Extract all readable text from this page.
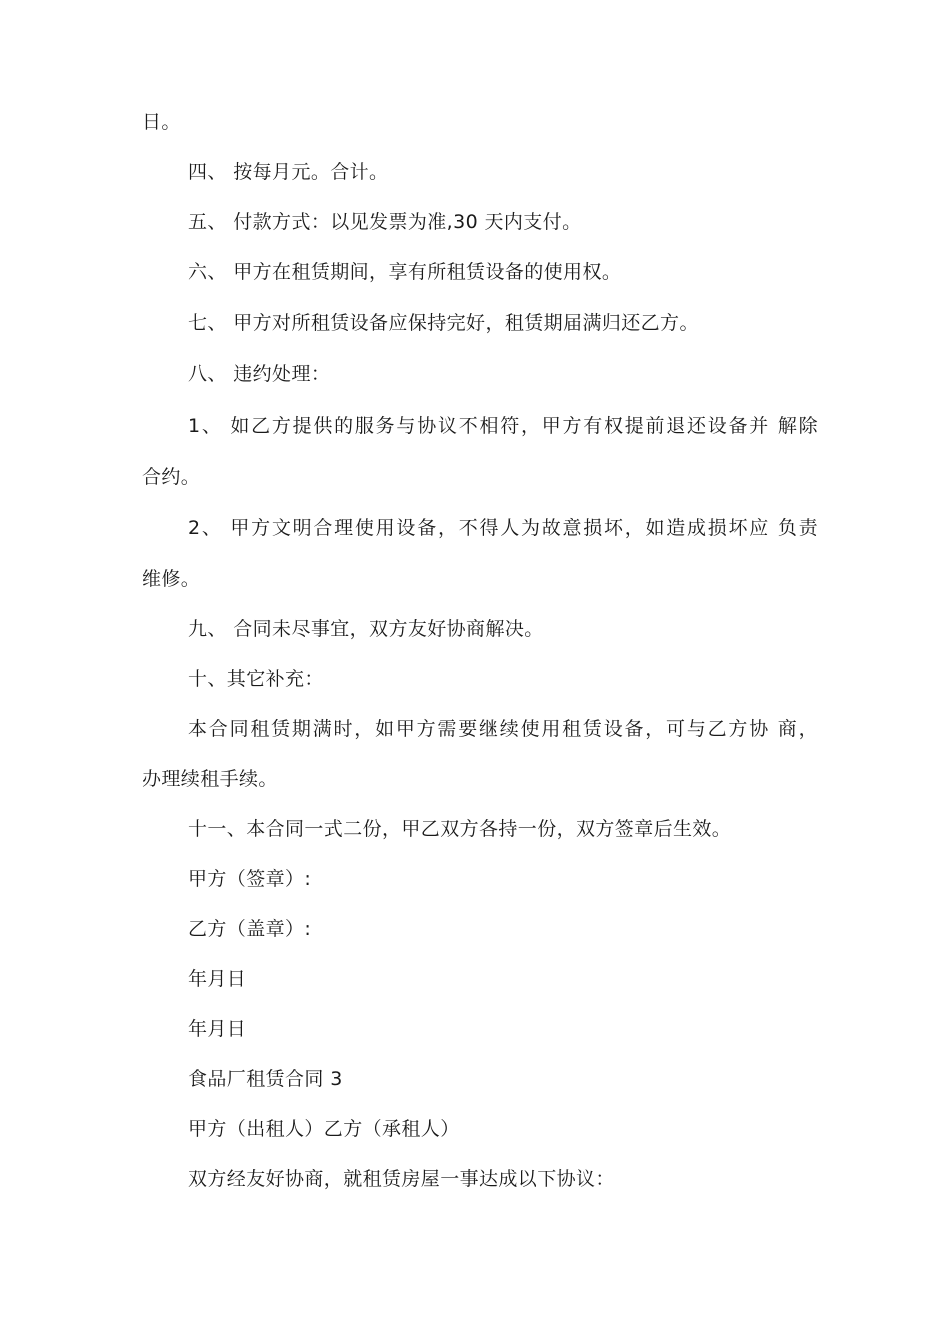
日。
四、 按每月元。合计。
五、 付款方式：以见发票为准,30 天内支付。
六、 甲方在租赁期间，享有所租赁设备的使用权。
七、 甲方对所租赁设备应保持完好，租赁期届满归还乙方。
八、 违约处理：
1、 如乙方提供的服务与协议不相符，甲方有权提前退还设备并 解除
合约。
2、 甲方文明合理使用设备，不得人为故意损坏，如造成损坏应 负责
维修。
九、 合同未尽事宜，双方友好协商解决。
十、其它补充：
本合同租赁期满时，如甲方需要继续使用租赁设备，可与乙方协 商，
办理续租手续。
十一、本合同一式二份，甲乙双方各持一份，双方签章后生效。
甲方（签章）:
乙方（盖章）:
年月日
年月日
食品厂租赁合同 3
甲方（出租人）乙方（承租人）
双方经友好协商，就租赁房屋一事达成以下协议：
